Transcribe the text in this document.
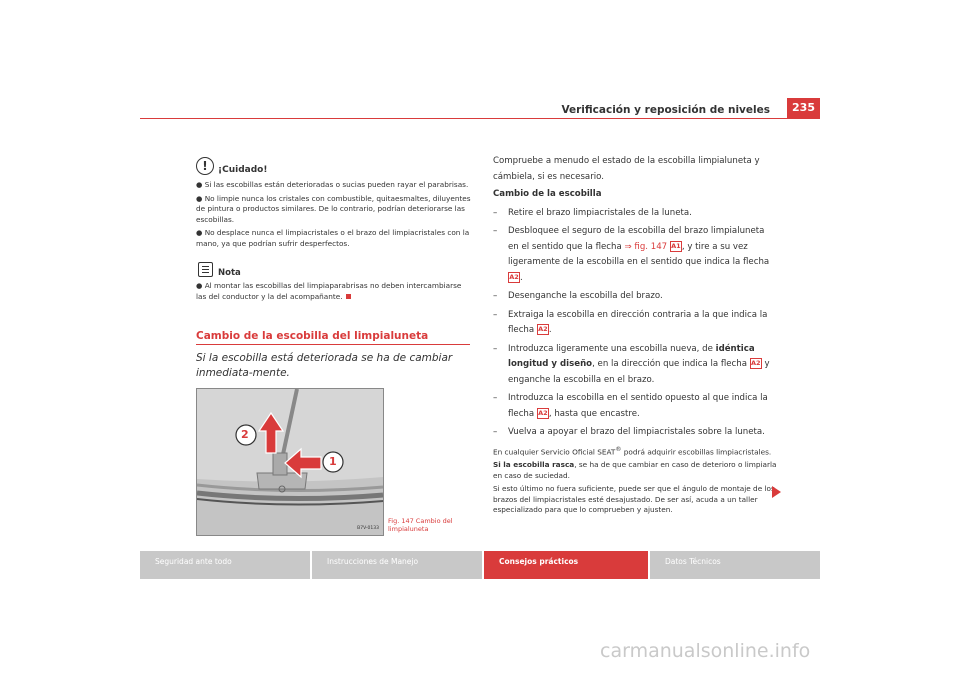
Verificación y reposición de niveles	235
!	¡Cuidado!
● Si las escobillas están deterioradas o sucias pueden rayar el parabrisas.
● No limpie nunca los cristales con combustible, quitaesmaltes, diluyentes de pintura o productos similares. De lo contrario, podrían deteriorarse las escobillas.
● No desplace nunca el limpiacristales o el brazo del limpiacristales con la mano, ya que podrían sufrir desperfectos.
Nota
● Al montar las escobillas del limpiaparabrisas no deben intercambiarse las del conductor y la del acompañante.
Cambio de la escobilla del limpialuneta
Si la escobilla está deteriorada se ha de cambiar inmediata-mente.
2
1
B7V-0133
Fig. 147 Cambio del limpialuneta
Compruebe a menudo el estado de la escobilla limpialuneta y cámbiela, si es necesario.
Cambio de la escobilla
– Retire el brazo limpiacristales de la luneta.
– Desbloquee el seguro de la escobilla del brazo limpialuneta en el sentido que la flecha ⇒ fig. 147 A1, y tire a su vez ligeramente de la escobilla en el sentido que indica la flecha A2.
– Desenganche la escobilla del brazo.
– Extraiga la escobilla en dirección contraria a la que indica la flecha A2.
– Introduzca ligeramente una escobilla nueva, de idéntica longitud y diseño, en la dirección que indica la flecha A2 y enganche la escobilla en el brazo.
– Introduzca la escobilla en el sentido opuesto al que indica la flecha A2, hasta que encastre.
– Vuelva a apoyar el brazo del limpiacristales sobre la luneta.
En cualquier Servicio Oficial SEAT® podrá adquirir escobillas limpiacristales.
Si la escobilla rasca, se ha de que cambiar en caso de deterioro o limpiarla en caso de suciedad.
Si esto último no fuera suficiente, puede ser que el ángulo de montaje de los brazos del limpiacristales esté desajustado. De ser así, acuda a un taller especializado para que lo comprueben y ajusten.
Seguridad ante todo	Instrucciones de Manejo	Consejos prácticos	Datos Técnicos
carmanualsonline.info
